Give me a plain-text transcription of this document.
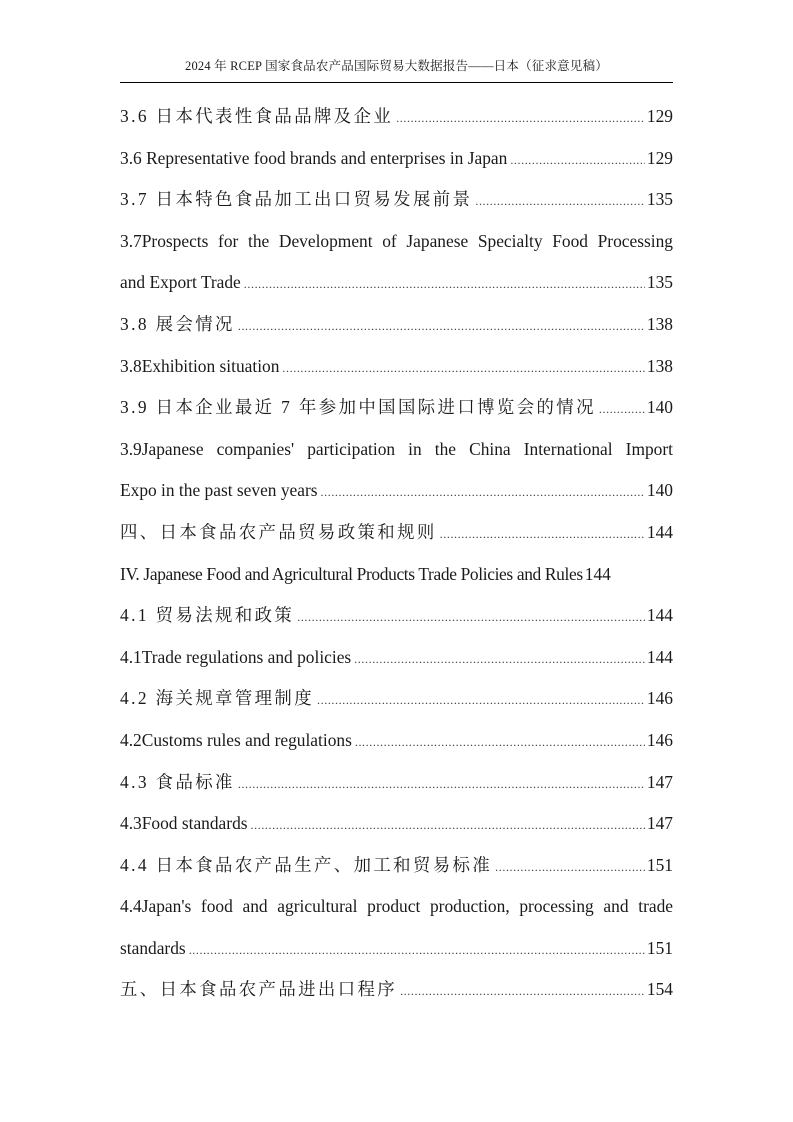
2024 年 RCEP 国家食品农产品国际贸易大数据报告——日本（征求意见稿）
3.6 日本代表性食品品牌及企业 .....	129
3.6 Representative food brands and enterprises in Japan .....	129
3.7 日本特色食品加工出口贸易发展前景 .....	135
3.7Prospects for the Development of Japanese Specialty Food Processing
and Export Trade .....	135
3.8 展会情况 .....	138
3.8Exhibition situation .....	138
3.9 日本企业最近 7 年参加中国国际进口博览会的情况 .....	140
3.9Japanese companies' participation in the China International Import
Expo in the past seven years .....	140
四、日本食品农产品贸易政策和规则 .....	144
IV. Japanese Food and Agricultural Products Trade Policies and Rules 144
4.1 贸易法规和政策 .....	144
4.1Trade regulations and policies .....	144
4.2 海关规章管理制度 .....	146
4.2Customs rules and regulations .....	146
4.3 食品标准 .....	147
4.3Food standards .....	147
4.4 日本食品农产品生产、加工和贸易标准 .....	151
4.4Japan's food and agricultural product production, processing and trade
standards .....	151
五、日本食品农产品进出口程序 .....	154
